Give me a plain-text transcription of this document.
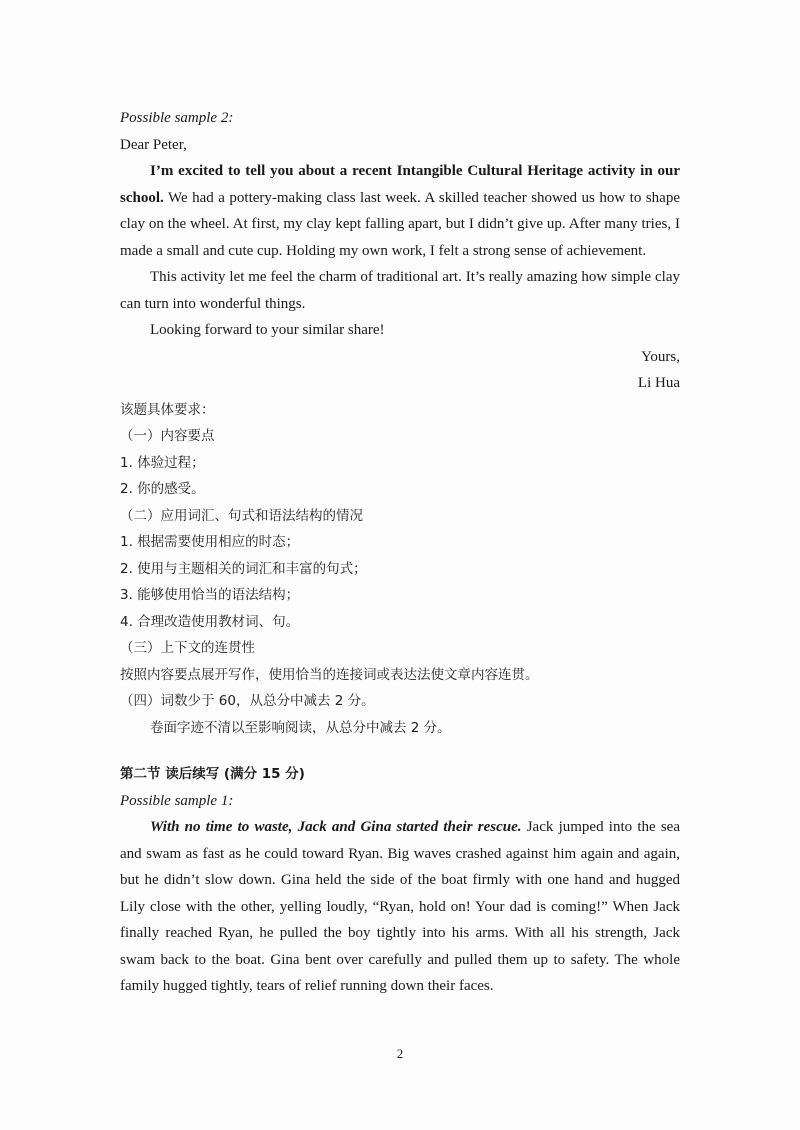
Possible sample 2:
Dear Peter,
I’m excited to tell you about a recent Intangible Cultural Heritage activity in our school. We had a pottery-making class last week. A skilled teacher showed us how to shape clay on the wheel. At first, my clay kept falling apart, but I didn’t give up. After many tries, I made a small and cute cup. Holding my own work, I felt a strong sense of achievement.
This activity let me feel the charm of traditional art. It’s really amazing how simple clay can turn into wonderful things.
Looking forward to your similar share!
Yours,
Li Hua
该题具体要求：
（一）内容要点
1. 体验过程；
2. 你的感受。
（二）应用词汇、句式和语法结构的情况
1. 根据需要使用相应的时态；
2. 使用与主题相关的词汇和丰富的句式；
3. 能够使用恰当的语法结构；
4. 合理改造使用教材词、句。
（三）上下文的连贯性
按照内容要点展开写作，使用恰当的连接词或表达法使文章内容连贯。
（四）词数少于 60，从总分中减去 2 分。
卷面字迹不清以至影响阅读，从总分中减去 2 分。
第二节 读后续写 (满分 15 分)
Possible sample 1:
With no time to waste, Jack and Gina started their rescue. Jack jumped into the sea and swam as fast as he could toward Ryan. Big waves crashed against him again and again, but he didn’t slow down. Gina held the side of the boat firmly with one hand and hugged Lily close with the other, yelling loudly, “Ryan, hold on! Your dad is coming!” When Jack finally reached Ryan, he pulled the boy tightly into his arms. With all his strength, Jack swam back to the boat. Gina bent over carefully and pulled them up to safety. The whole family hugged tightly, tears of relief running down their faces.
2
